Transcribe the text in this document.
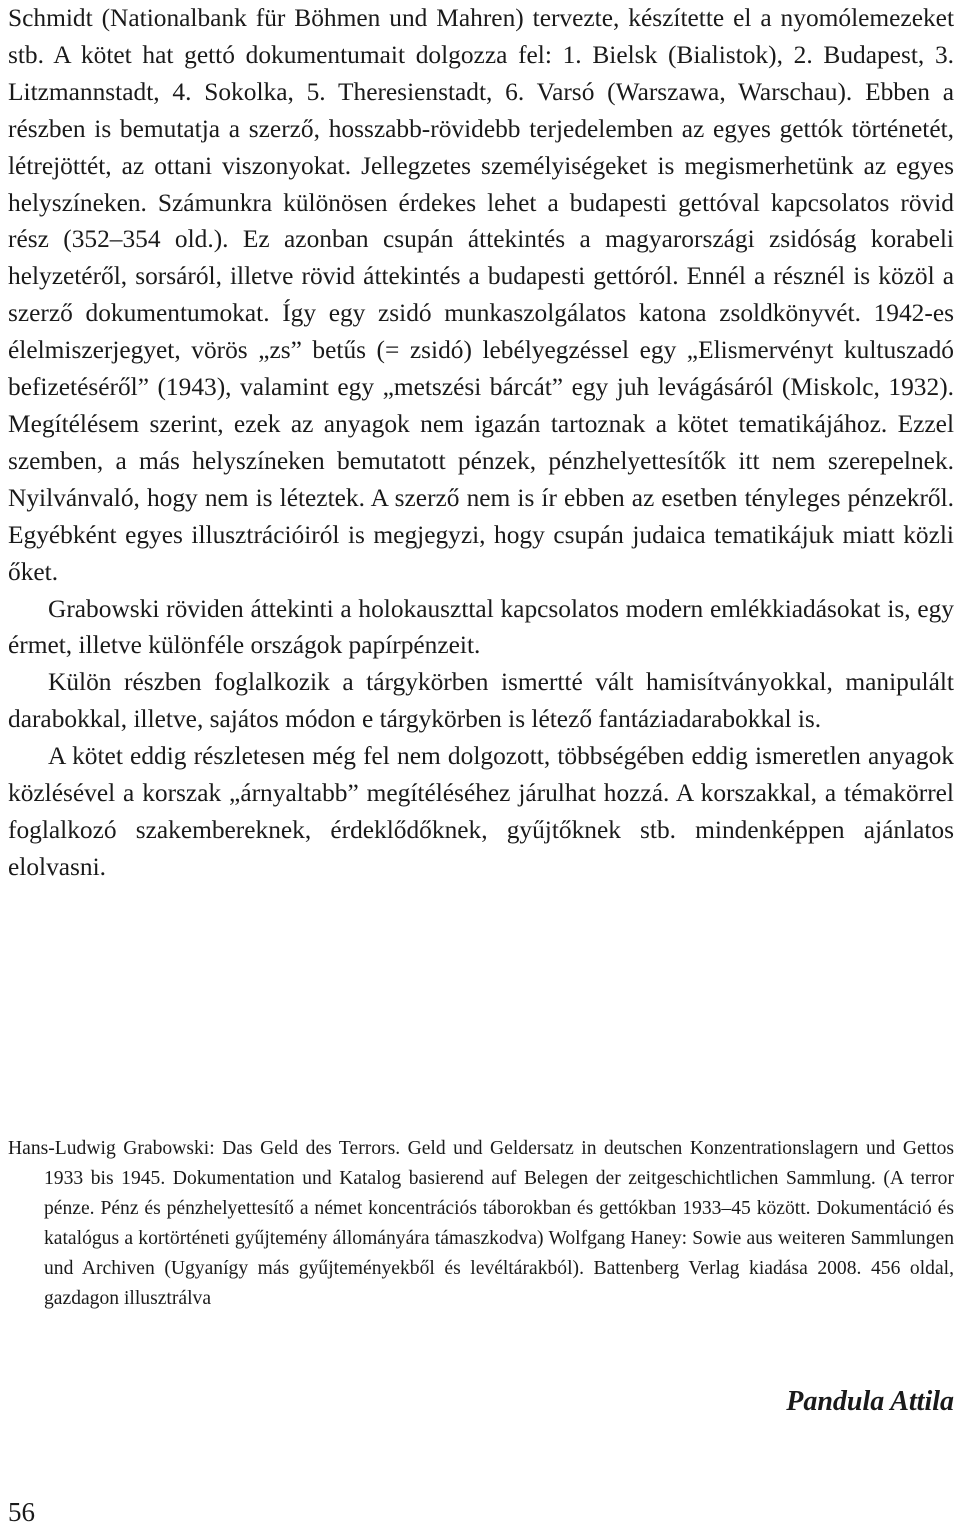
Schmidt (Nationalbank für Böhmen und Mahren) tervezte, készítette el a nyomólemezeket stb. A kötet hat gettó dokumentumait dolgozza fel: 1. Bielsk (Bialistok), 2. Budapest, 3. Litzmannstadt, 4. Sokolka, 5. Theresienstadt, 6. Varsó (Warszawa, Warschau). Ebben a részben is bemutatja a szerző, hosszabb-rövidebb terjedelemben az egyes gettók történetét, létrejöttét, az ottani viszonyokat. Jellegzetes személyiségeket is megismerhetünk az egyes helyszíneken. Számunkra különösen érdekes lehet a budapesti gettóval kapcsolatos rövid rész (352–354 old.). Ez azonban csupán áttekintés a magyarországi zsidóság korabeli helyzetéről, sorsáról, illetve rövid áttekintés a budapesti gettóról. Ennél a résznél is közöl a szerző dokumentumokat. Így egy zsidó munkaszolgálatos katona zsoldkönyvét. 1942-es élelmiszerjegyet, vörös „zs” betűs (= zsidó) lebélyegzéssel egy „Elismervényt kultuszadó befizetéséről” (1943), valamint egy „metszési bárcát” egy juh levágásáról (Miskolc, 1932). Megítélésem szerint, ezek az anyagok nem igazán tartoznak a kötet tematikájához. Ezzel szemben, a más helyszíneken bemutatott pénzek, pénzhelyettesítők itt nem szerepelnek. Nyilvánvaló, hogy nem is léteztek. A szerző nem is ír ebben az esetben tényleges pénzekről. Egyébként egyes illusztrációiról is megjegyzi, hogy csupán judaica tematikájuk miatt közli őket.

Grabowski röviden áttekinti a holokauszttal kapcsolatos modern emlékkiadásokat is, egy érmet, illetve különféle országok papírpénzeit.

Külön részben foglalkozik a tárgykörben ismertté vált hamisítványokkal, manipulált darabokkal, illetve, sajátos módon e tárgykörben is létező fantáziadarabokkal is.

A kötet eddig részletesen még fel nem dolgozott, többségében eddig ismeretlen anyagok közlésével a korszak „árnyaltabb” megítéléséhez járulhat hozzá. A korszakkal, a témakörrel foglalkozó szakembereknek, érdeklődőknek, gyűjtőknek stb. mindenképpen ajánlatos elolvasni.

Hans-Ludwig Grabowski: Das Geld des Terrors. Geld und Geldersatz in deutschen Konzentrationslagern und Gettos 1933 bis 1945. Dokumentation und Katalog basierend auf Belegen der zeitgeschichtlichen Sammlung. (A terror pénze. Pénz és pénzhelyettesítő a német koncentrációs táborokban és gettókban 1933–45 között. Dokumentáció és katalógus a kortörténeti gyűjtemény állományára támaszkodva) Wolfgang Haney: Sowie aus weiteren Sammlungen und Archiven (Ugyanígy más gyűjteményekből és levéltárakból). Battenberg Verlag kiadása 2008. 456 oldal, gazdagon illusztrálva
Pandula Attila
56
